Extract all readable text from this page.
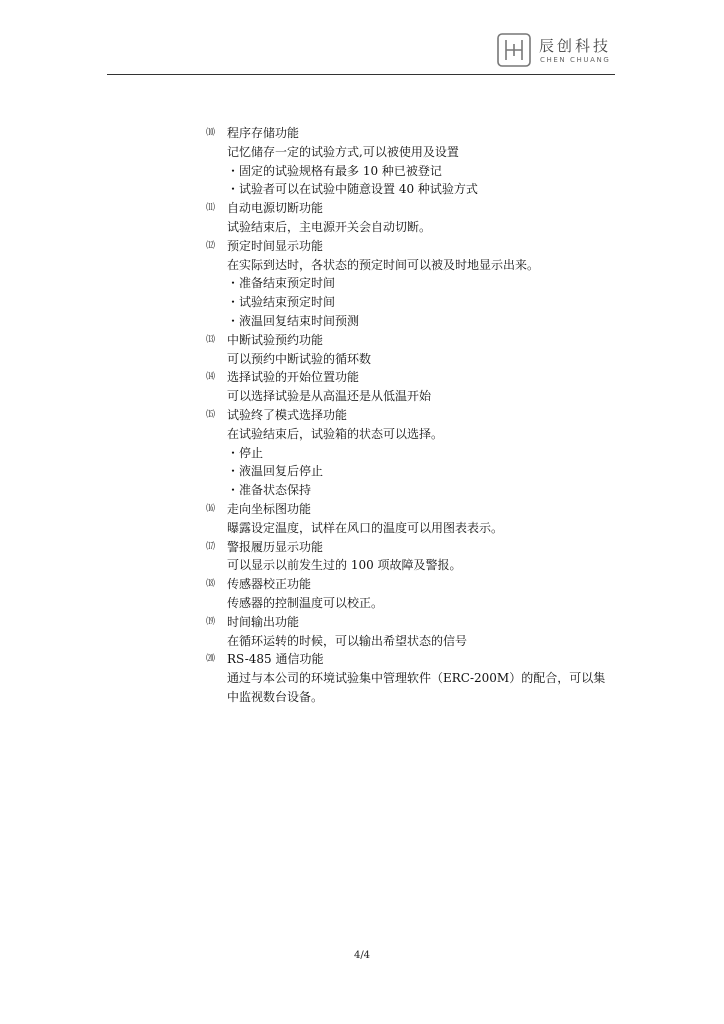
辰创科技
CHEN CHUANG
⑽ 程序存储功能
记忆储存一定的试验方式,可以被使用及设置
・固定的试验规格有最多 10 种已被登记
・试验者可以在试验中随意设置 40 种试验方式
⑾ 自动电源切断功能
试验结束后，主电源开关会自动切断。
⑿ 预定时间显示功能
在实际到达时，各状态的预定时间可以被及时地显示出来。
・准备结束预定时间
・试验结束预定时间
・液温回复结束时间预测
⒀ 中断试验预约功能
可以预约中断试验的循环数
⒁ 选择试验的开始位置功能
可以选择试验是从高温还是从低温开始
⒂ 试验终了模式选择功能
在试验结束后，试验箱的状态可以选择。
・停止
・液温回复后停止
・准备状态保持
⒃ 走向坐标图功能
曝露设定温度，试样在风口的温度可以用图表表示。
⒄ 警报履历显示功能
可以显示以前发生过的 100 项故障及警报。
⒅ 传感器校正功能
传感器的控制温度可以校正。
⒆ 时间输出功能
在循环运转的时候，可以输出希望状态的信号
⒇ RS-485 通信功能
通过与本公司的环境试验集中管理软件（ERC-200M）的配合，可以集中监视数台设备。
4/4
